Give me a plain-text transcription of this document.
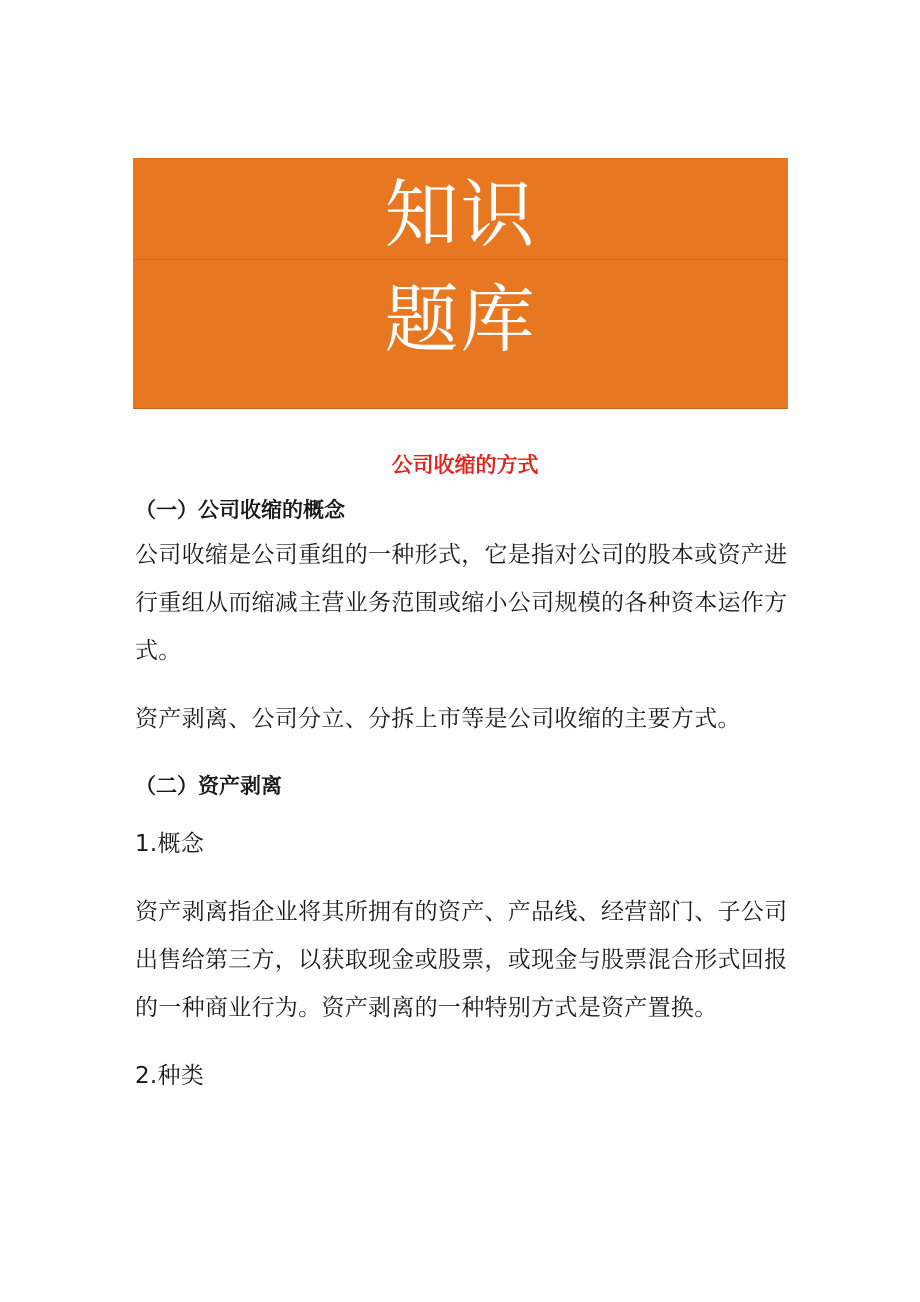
知识
题库
公司收缩的方式
（一）公司收缩的概念

公司收缩是公司重组的一种形式，它是指对公司的股本或资产进行重组从而缩减主营业务范围或缩小公司规模的各种资本运作方式。

资产剥离、公司分立、分拆上市等是公司收缩的主要方式。

（二）资产剥离

1.概念

资产剥离指企业将其所拥有的资产、产品线、经营部门、子公司出售给第三方，以获取现金或股票，或现金与股票混合形式回报的一种商业行为。资产剥离的一种特别方式是资产置换。

2.种类
